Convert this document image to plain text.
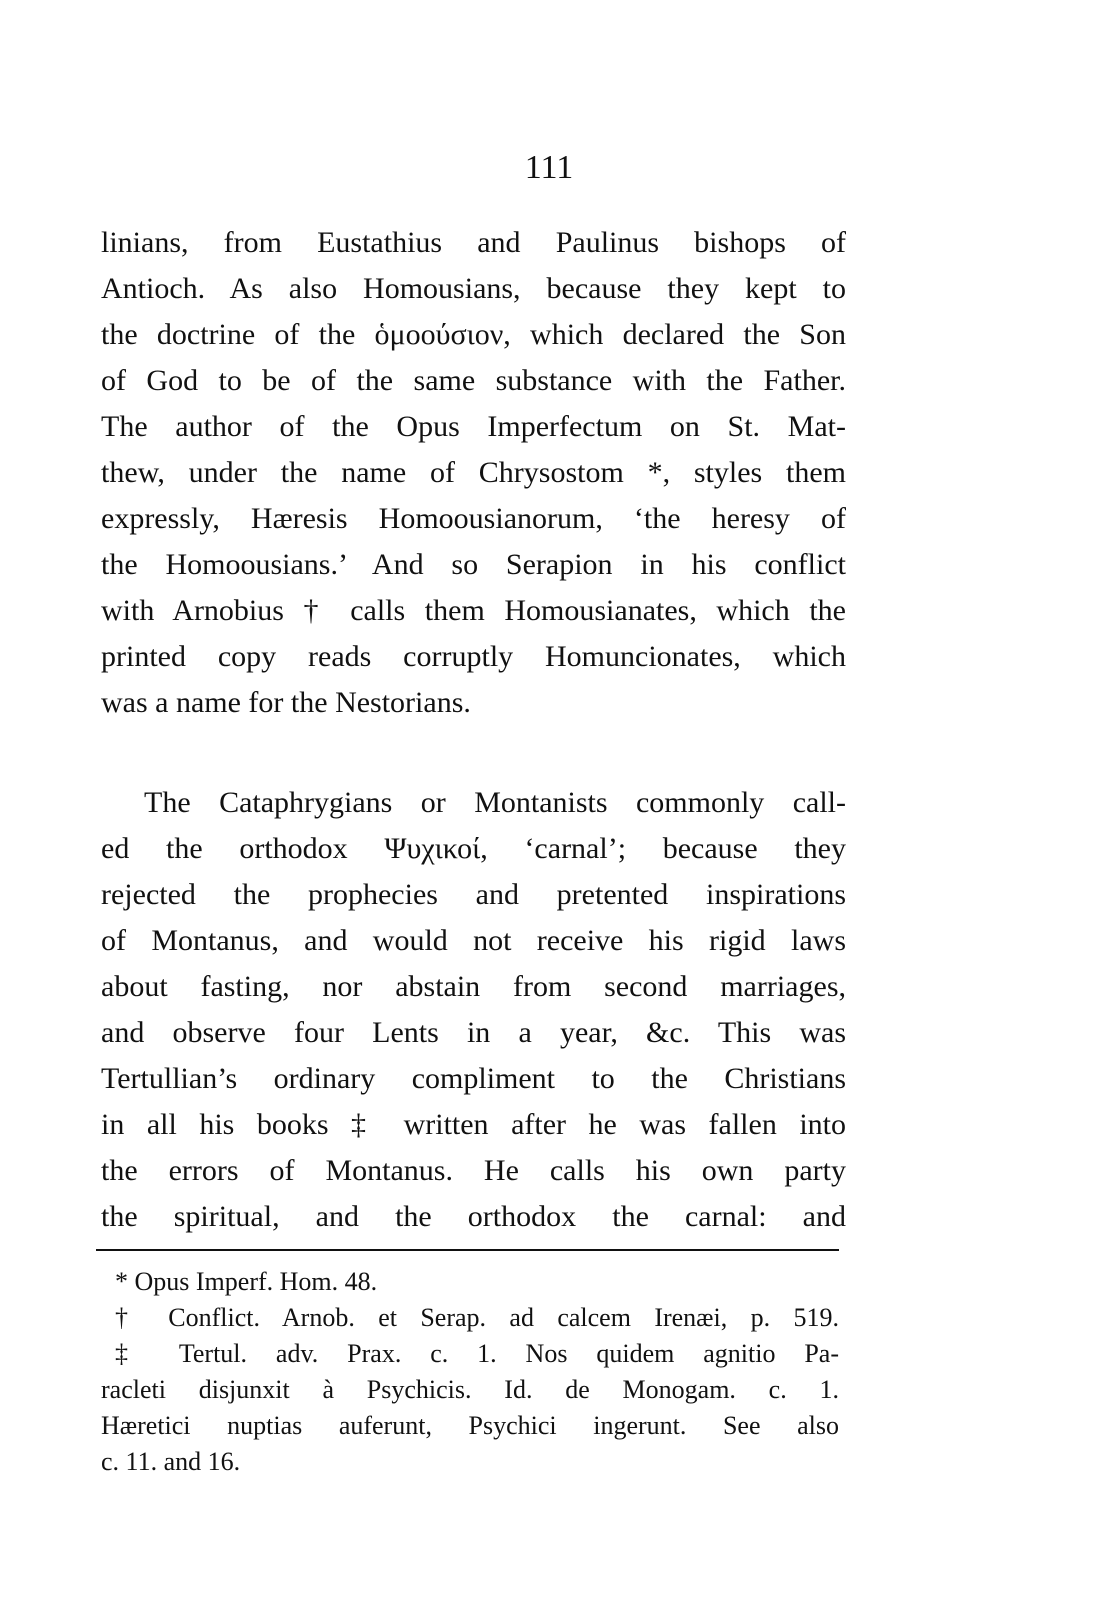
111
linians, from Eustathius and Paulinus bishops of
Antioch. As also Homousians, because they kept to
the doctrine of the ὁμοούσιον, which declared the Son
of God to be of the same substance with the Father.
The author of the Opus Imperfectum on St. Mat-
thew, under the name of Chrysostom *, styles them
expressly, Hæresis Homoousianorum, ‘the heresy of
the Homoousians.’ And so Serapion in his conflict
with Arnobius † calls them Homousianates, which the
printed copy reads corruptly Homuncionates, which
was a name for the Nestorians.
The Cataphrygians or Montanists commonly call-
ed the orthodox Ψυχικοί, ‘carnal’; because they
rejected the prophecies and pretented inspirations
of Montanus, and would not receive his rigid laws
about fasting, nor abstain from second marriages,
and observe four Lents in a year, &c. This was
Tertullian’s ordinary compliment to the Christians
in all his books ‡ written after he was fallen into
the errors of Montanus. He calls his own party
the spiritual, and the orthodox the carnal: and
* Opus Imperf. Hom. 48.
† Conflict. Arnob. et Serap. ad calcem Irenæi, p. 519.
‡ Tertul. adv. Prax. c. 1. Nos quidem agnitio Pa-
racleti disjunxit à Psychicis. Id. de Monogam. c. 1.
Hæretici nuptias auferunt, Psychici ingerunt. See also
c. 11. and 16.
